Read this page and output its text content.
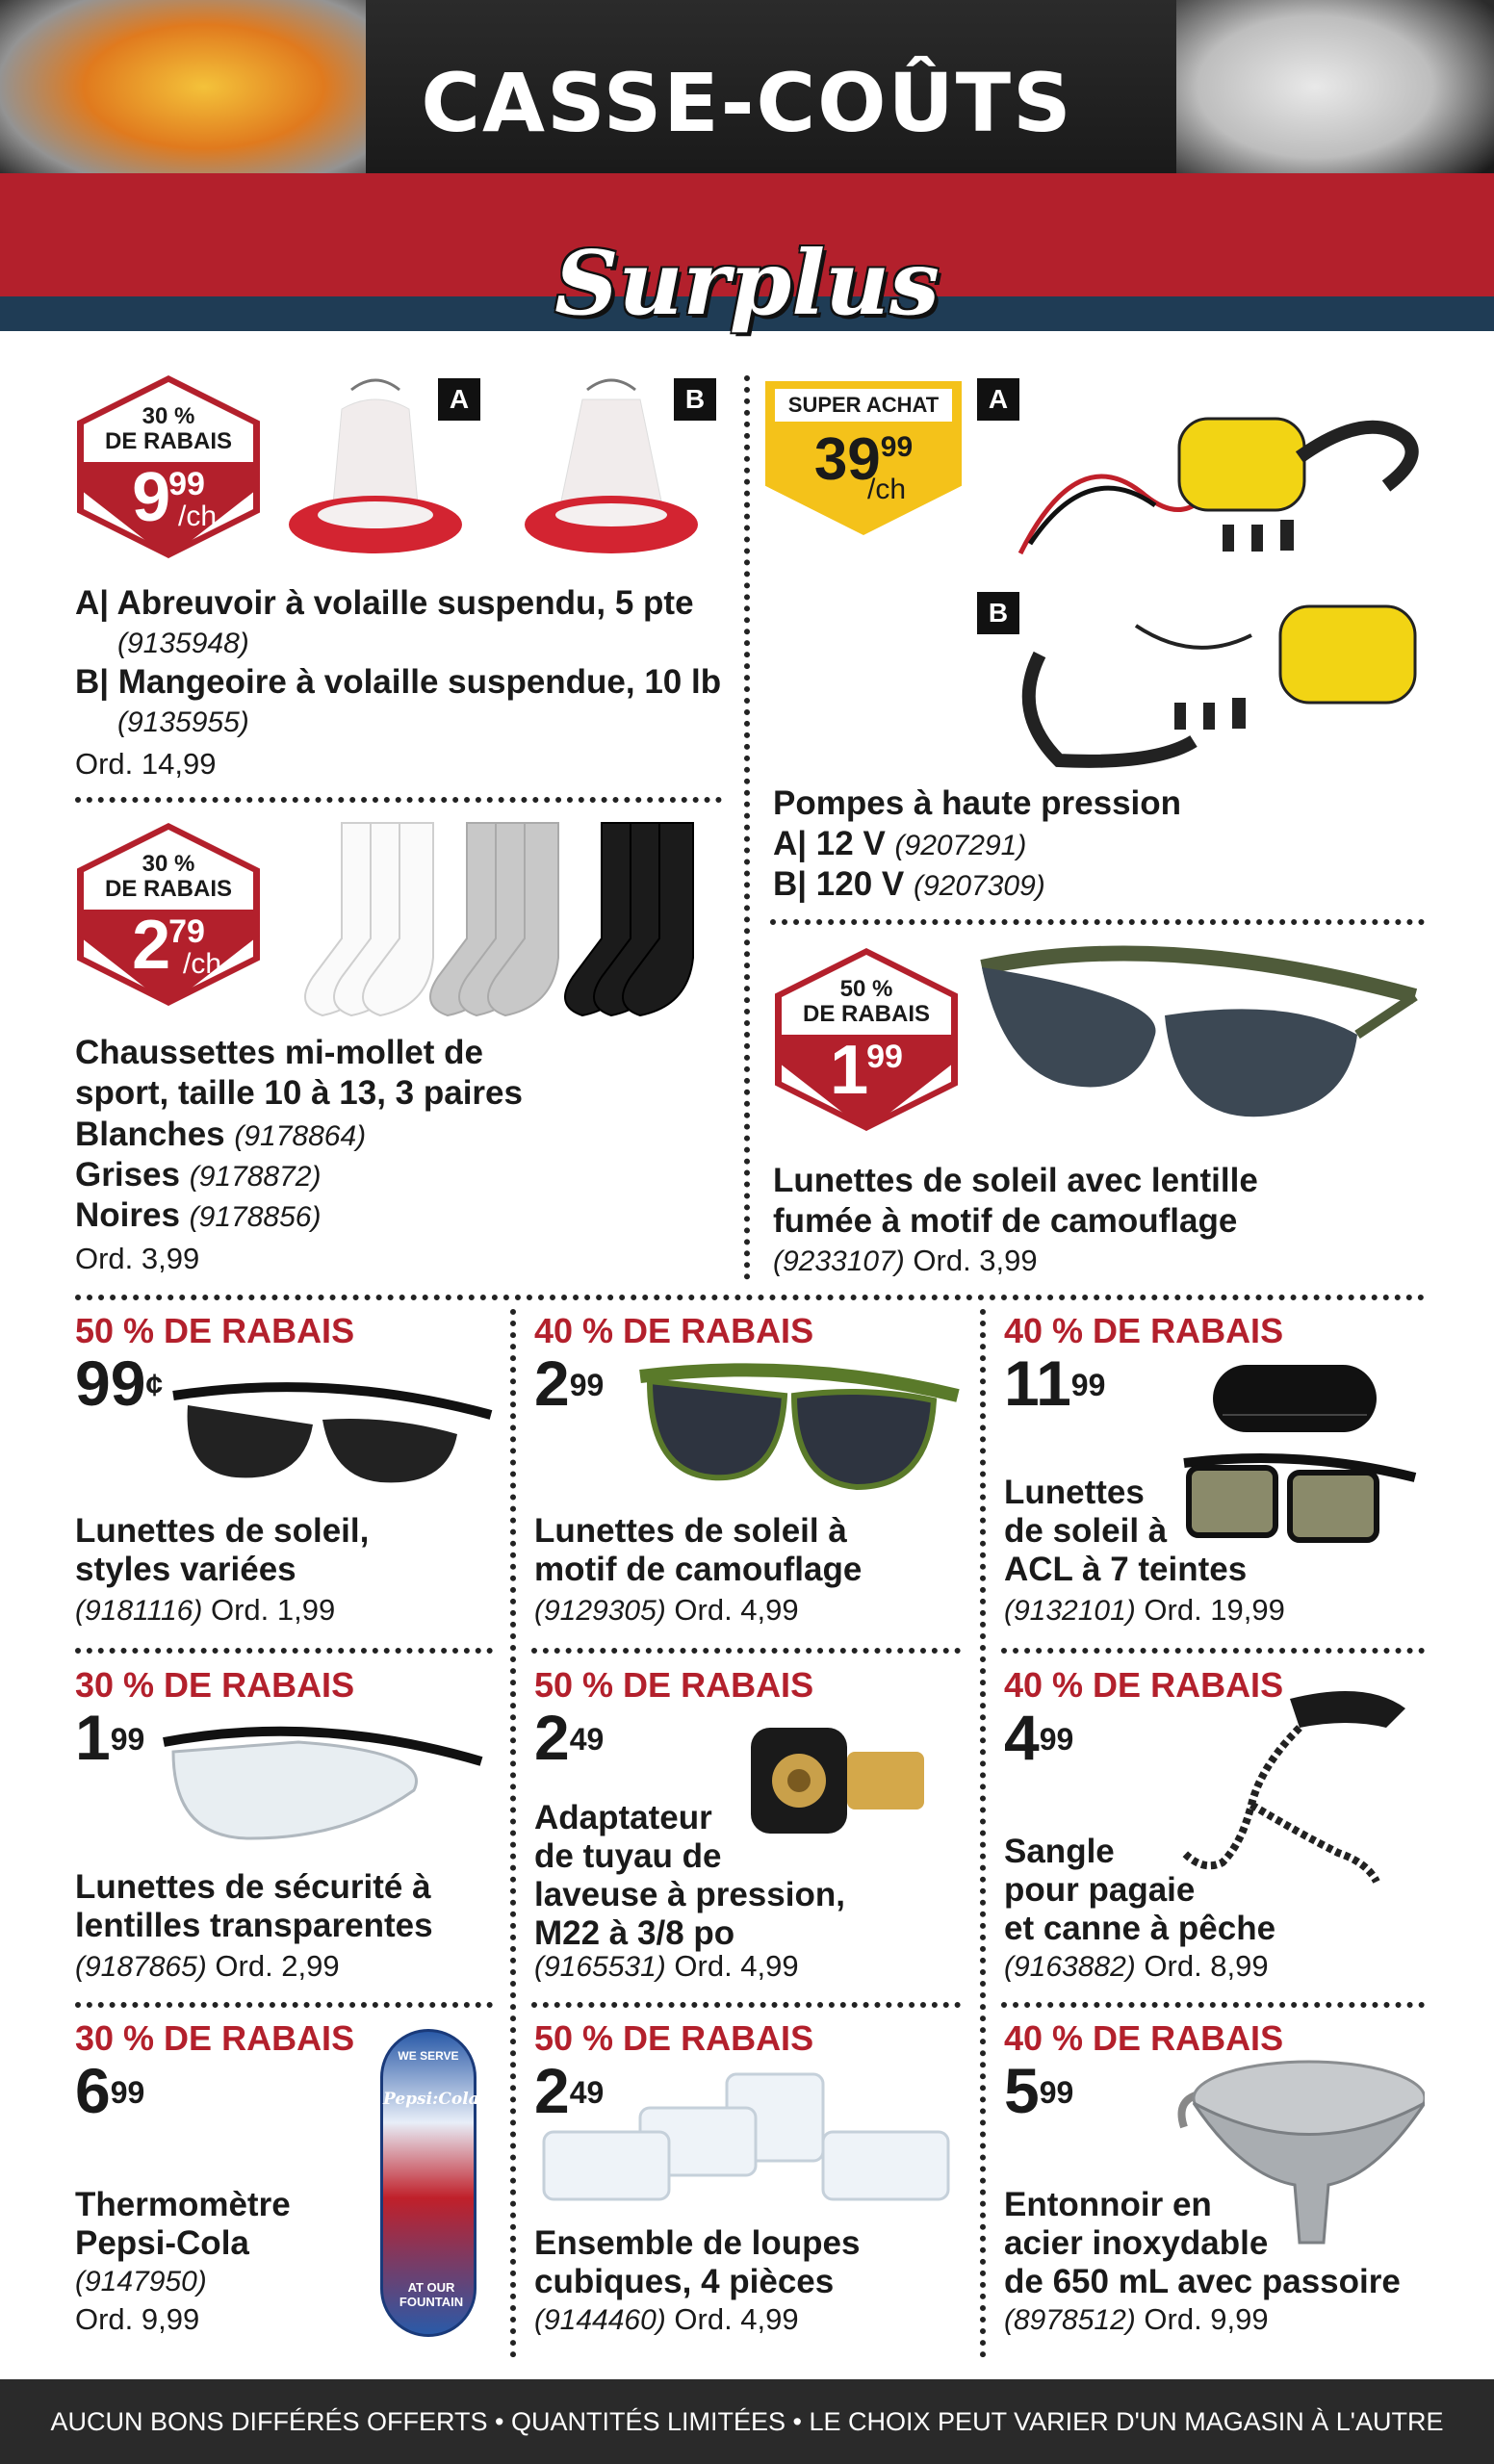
CASSE-COÛTS
Surplus
30 %
DE RABAIS
999
/ch
A	B
A| Abreuvoir à volaille suspendu, 5 pte
(9135948)
B| Mangeoire à volaille suspendue, 10 lb
(9135955)
Ord. 14,99
SUPER ACHAT
3999
/ch
A
B
Pompes à haute pression
A| 12 V (9207291)
B| 120 V (9207309)
30 %
DE RABAIS
279
/ch
Chaussettes mi-mollet de
sport, taille 10 à 13, 3 paires
Blanches (9178864)
Grises (9178872)
Noires (9178856)
Ord. 3,99
50 %
DE RABAIS
199
Lunettes de soleil avec lentille
fumée à motif de camouflage
(9233107) Ord. 3,99
50 % DE RABAIS
99¢
Lunettes de soleil,
styles variées
(9181116) Ord. 1,99
40 % DE RABAIS
299
Lunettes de soleil à
motif de camouflage
(9129305) Ord. 4,99
40 % DE RABAIS
1199
Lunettes
de soleil à
ACL à 7 teintes
(9132101) Ord. 19,99
30 % DE RABAIS
199
Lunettes de sécurité à
lentilles transparentes
(9187865) Ord. 2,99
50 % DE RABAIS
249
Adaptateur
de tuyau de
laveuse à pression,
M22 à 3/8 po
(9165531) Ord. 4,99
40 % DE RABAIS
499
Sangle
pour pagaie
et canne à pêche
(9163882) Ord. 8,99
30 % DE RABAIS
699
WE SERVE
Pepsi:Cola
AT OUR FOUNTAIN
Thermomètre
Pepsi-Cola
(9147950)
Ord. 9,99
50 % DE RABAIS
249
Ensemble de loupes
cubiques, 4 pièces
(9144460) Ord. 4,99
40 % DE RABAIS
599
Entonnoir en
acier inoxydable
de 650 mL avec passoire
(8978512) Ord. 9,99
AUCUN BONS DIFFÉRÉS OFFERTS • QUANTITÉS LIMITÉES • LE CHOIX PEUT VARIER D'UN MAGASIN À L'AUTRE
